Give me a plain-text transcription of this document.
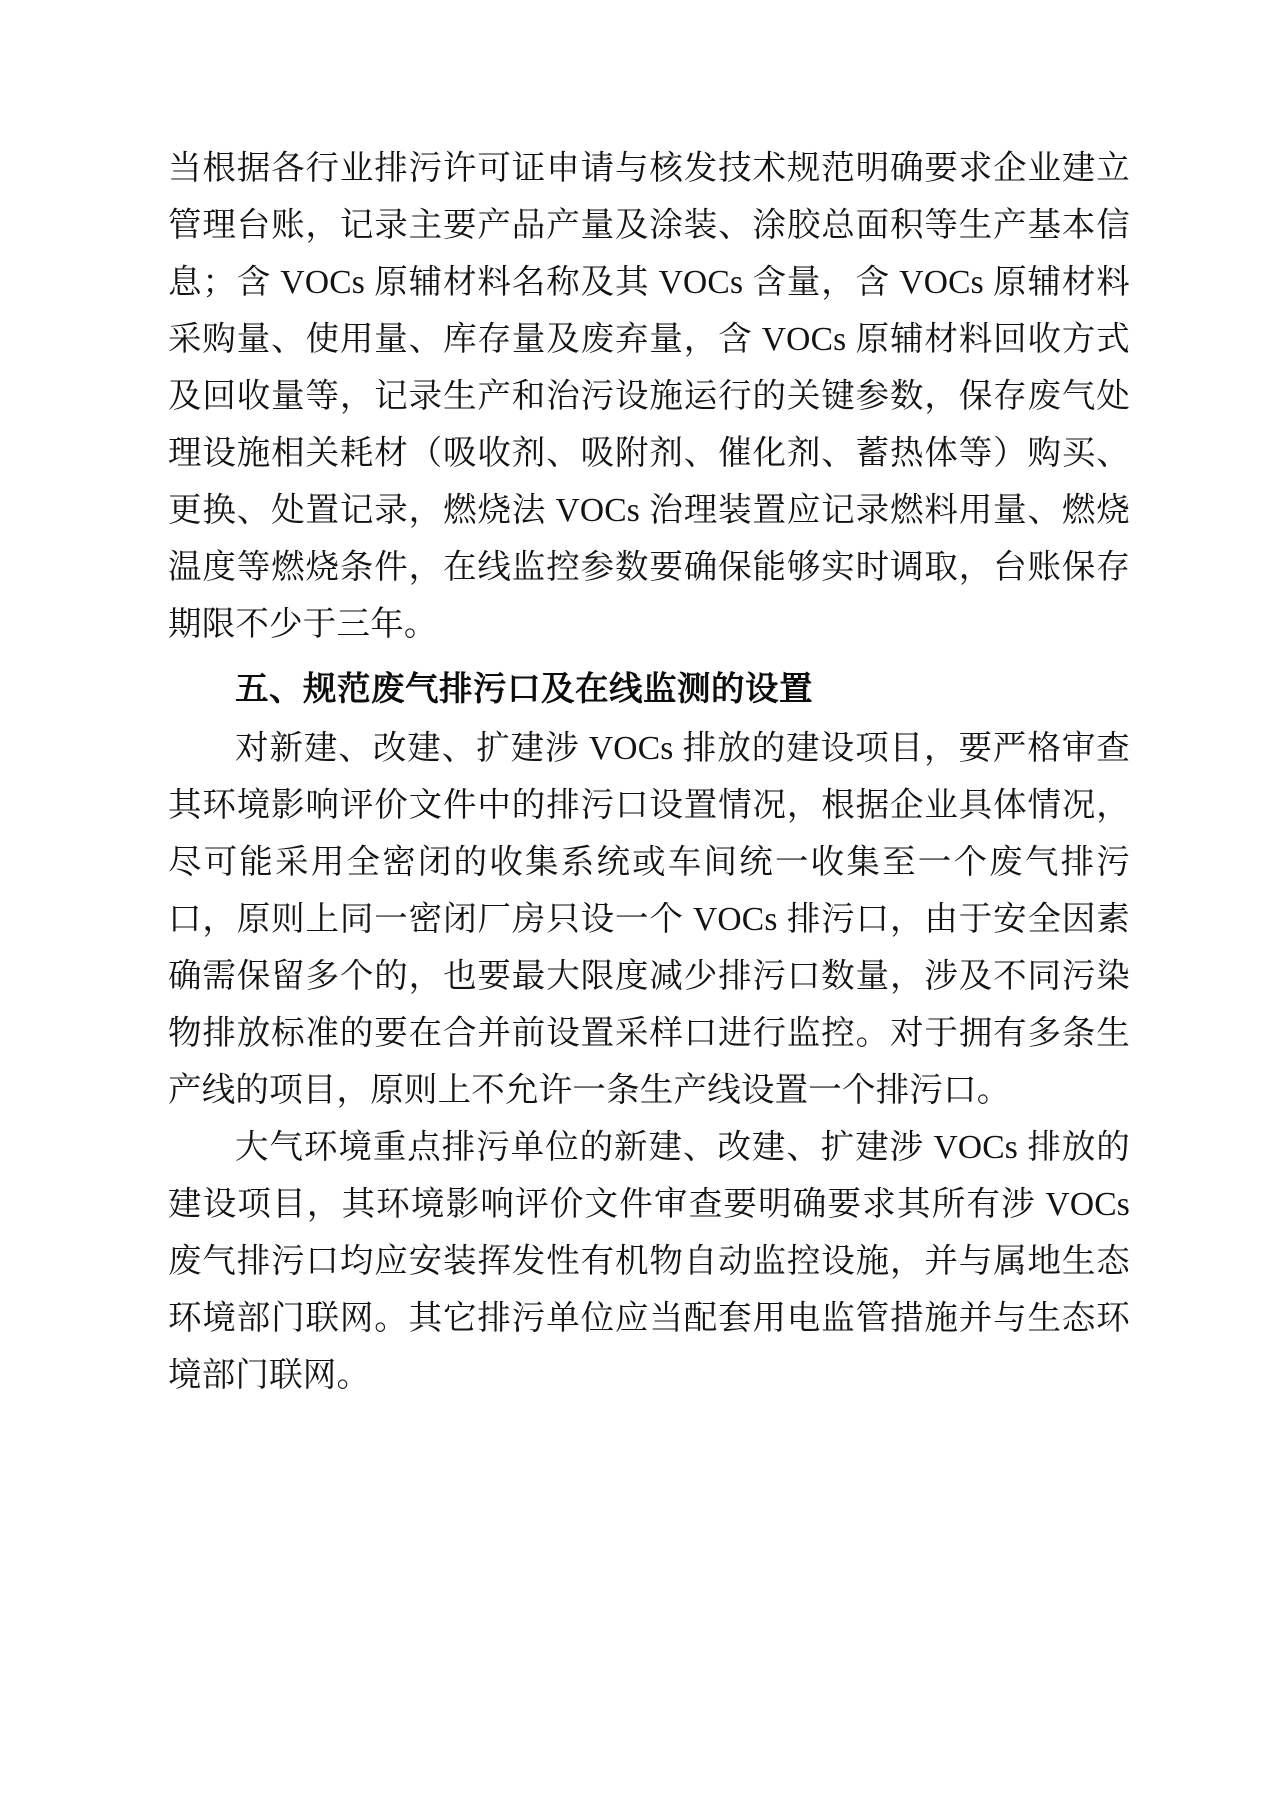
当根据各行业排污许可证申请与核发技术规范明确要求企业建立管理台账，记录主要产品产量及涂装、涂胶总面积等生产基本信息；含 VOCs 原辅材料名称及其 VOCs 含量，含 VOCs 原辅材料采购量、使用量、库存量及废弃量，含 VOCs 原辅材料回收方式及回收量等，记录生产和治污设施运行的关键参数，保存废气处理设施相关耗材（吸收剂、吸附剂、催化剂、蓄热体等）购买、更换、处置记录，燃烧法 VOCs 治理装置应记录燃料用量、燃烧温度等燃烧条件，在线监控参数要确保能够实时调取，台账保存期限不少于三年。

五、规范废气排污口及在线监测的设置

对新建、改建、扩建涉 VOCs 排放的建设项目，要严格审查其环境影响评价文件中的排污口设置情况，根据企业具体情况，尽可能采用全密闭的收集系统或车间统一收集至一个废气排污口，原则上同一密闭厂房只设一个 VOCs 排污口，由于安全因素确需保留多个的，也要最大限度减少排污口数量，涉及不同污染物排放标准的要在合并前设置采样口进行监控。对于拥有多条生产线的项目，原则上不允许一条生产线设置一个排污口。

大气环境重点排污单位的新建、改建、扩建涉 VOCs 排放的建设项目，其环境影响评价文件审查要明确要求其所有涉 VOCs 废气排污口均应安装挥发性有机物自动监控设施，并与属地生态环境部门联网。其它排污单位应当配套用电监管措施并与生态环境部门联网。
